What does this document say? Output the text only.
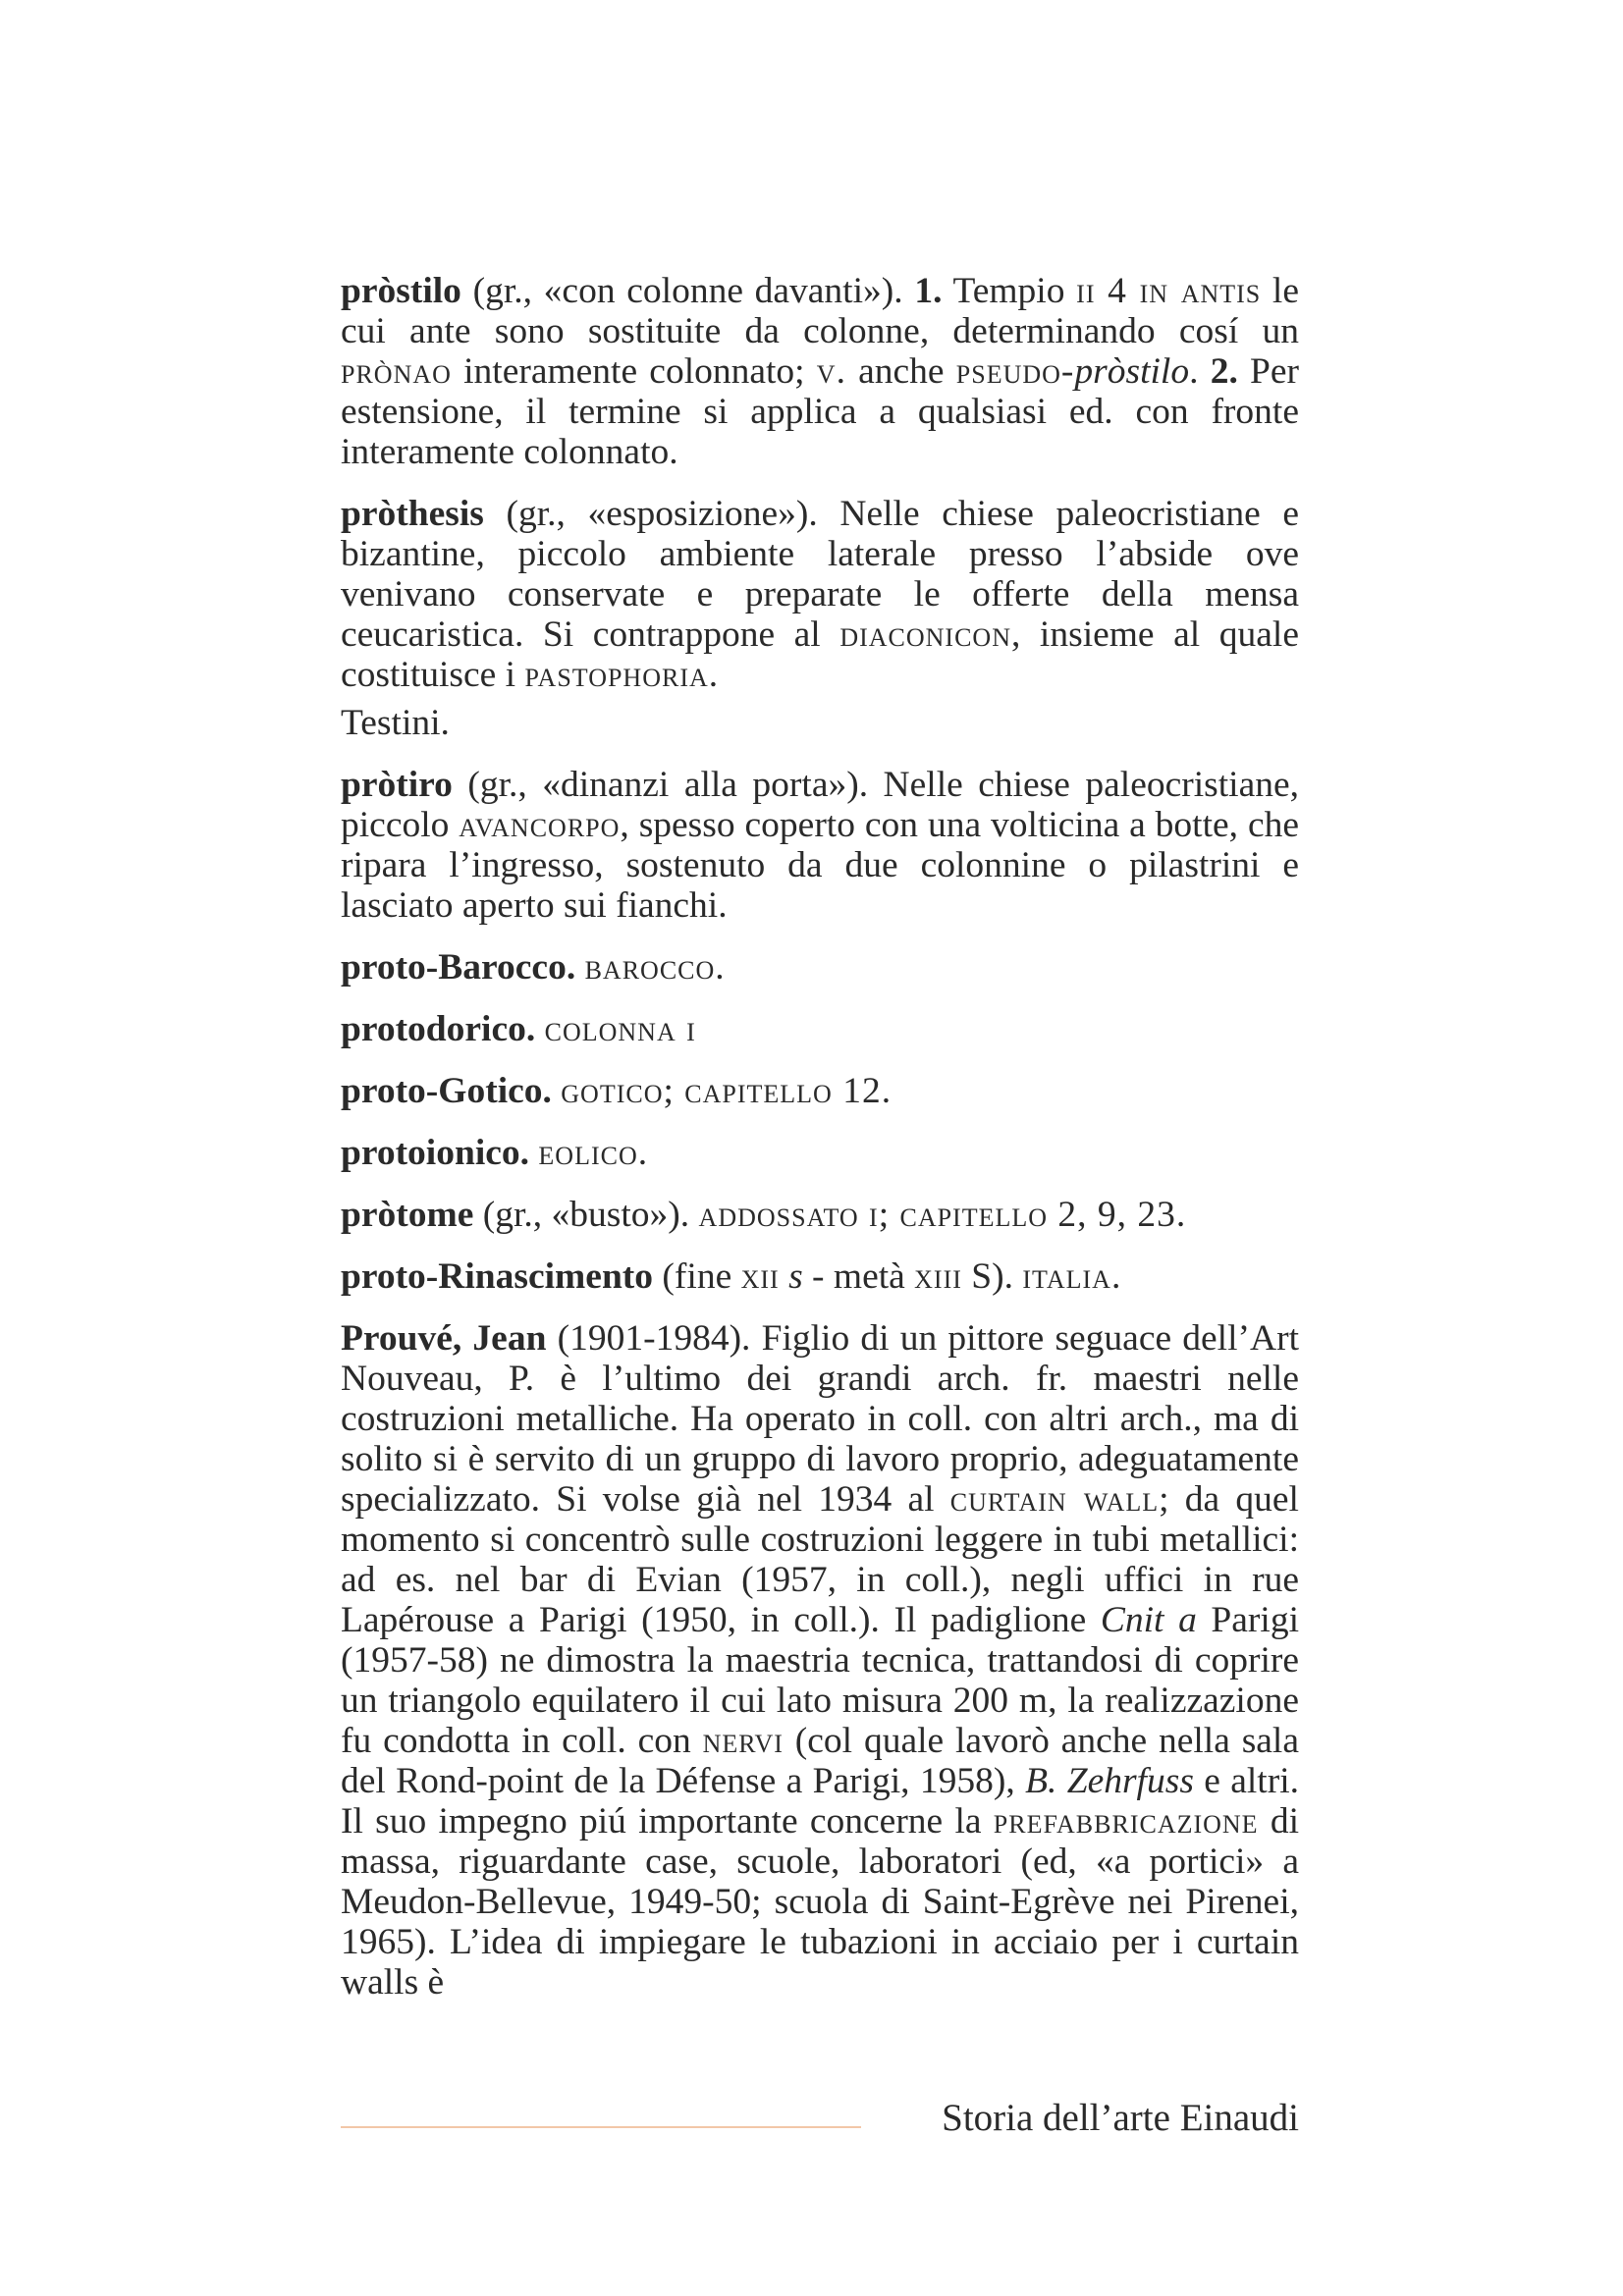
pròstilo (gr., «con colonne davanti»). 1. Tempio ii 4 in antis le cui ante sono sostituite da colonne, determinando cosí un prònao interamente colonnato; v. anche pseudo-pròstilo. 2. Per estensione, il termine si applica a qualsiasi ed. con fronte interamente colonnato.

pròthesis (gr., «esposizione»). Nelle chiese paleocristiane e bizantine, piccolo ambiente laterale presso l’abside ove venivano conservate e preparate le offerte della mensa ceucaristica. Si contrappone al diaconicon, insieme al quale costituisce i pastophoria.

Testini.

pròtiro (gr., «dinanzi alla porta»). Nelle chiese paleocristiane, piccolo avancorpo, spesso coperto con una volticina a botte, che ripara l’ingresso, sostenuto da due colonnine o pilastrini e lasciato aperto sui fianchi.

proto-Barocco. barocco.

protodorico. colonna i

proto-Gotico. gotico; capitello 12.

protoionico. eolico.

pròtome (gr., «busto»). addossato i; capitello 2, 9, 23.

proto-Rinascimento (fine xii s - metà xiii S). italia.

Prouvé, Jean (1901-1984). Figlio di un pittore seguace dell’Art Nouveau, P. è l’ultimo dei grandi arch. fr. maestri nelle costruzioni metalliche. Ha operato in coll. con altri arch., ma di solito si è servito di un gruppo di lavoro proprio, adeguatamente specializzato. Si volse già nel 1934 al curtain wall; da quel momento si concentrò sulle costruzioni leggere in tubi metallici: ad es. nel bar di Evian (1957, in coll.), negli uffici in rue Lapérouse a Parigi (1950, in coll.). Il padiglione Cnit a Parigi (1957-58) ne dimostra la maestria tecnica, trattandosi di coprire un triangolo equilatero il cui lato misura 200 m, la realizzazione fu condotta in coll. con nervi (col quale lavorò anche nella sala del Rond-point de la Défense a Parigi, 1958), B. Zehrfuss e altri. Il suo impegno piú importante concerne la prefabbricazione di massa, riguardante case, scuole, laboratori (ed, «a portici» a Meudon-Bellevue, 1949-50; scuola di Saint-Egrève nei Pirenei, 1965). L’idea di impiegare le tubazioni in acciaio per i curtain walls è

Storia dell’arte Einaudi
